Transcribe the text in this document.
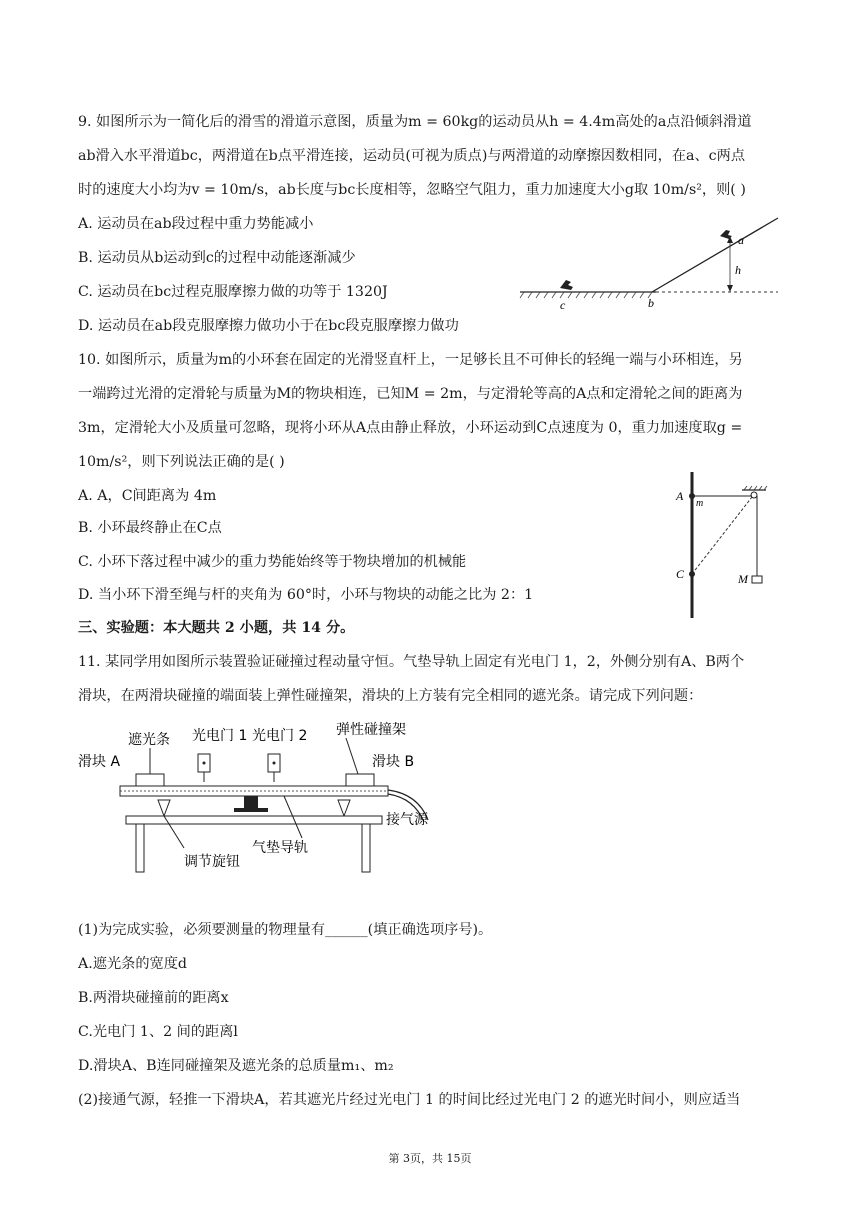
9. 如图所示为一简化后的滑雪的滑道示意图，质量为m = 60kg的运动员从h = 4.4m高处的a点沿倾斜滑道
ab滑入水平滑道bc，两滑道在b点平滑连接，运动员(可视为质点)与两滑道的动摩擦因数相同，在a、c两点
时的速度大小均为v = 10m/s，ab长度与bc长度相等，忽略空气阻力，重力加速度大小g取 10m/s²，则( )
A. 运动员在ab段过程中重力势能减小
B. 运动员从b运动到c的过程中动能逐渐减少
C. 运动员在bc过程克服摩擦力做的功等于 1320J
D. 运动员在ab段克服摩擦力做功小于在bc段克服摩擦力做功
a
h
b
c
10. 如图所示，质量为m的小环套在固定的光滑竖直杆上，一足够长且不可伸长的轻绳一端与小环相连，另
一端跨过光滑的定滑轮与质量为M的物块相连，已知M = 2m，与定滑轮等高的A点和定滑轮之间的距离为
3m，定滑轮大小及质量可忽略，现将小环从A点由静止释放，小环运动到C点速度为 0，重力加速度取g =
10m/s²，则下列说法正确的是( )
A. A，C间距离为 4m
B. 小环最终静止在C点
C. 小环下落过程中减少的重力势能始终等于物块增加的机械能
D. 当小环下滑至绳与杆的夹角为 60°时，小环与物块的动能之比为 2：1
A
m
C	M
三、实验题：本大题共 2 小题，共 14 分。
11. 某同学用如图所示装置验证碰撞过程动量守恒。气垫导轨上固定有光电门 1，2，外侧分别有A、B两个
滑块，在两滑块碰撞的端面装上弹性碰撞架，滑块的上方装有完全相同的遮光条。请完成下列问题：
遮光条 光电门 1 光电门 2 弹性碰撞架
滑块 A	滑块 B
接气源
调节旋钮
气垫导轨
(1)为完成实验，必须要测量的物理量有______(填正确选项序号)。
A.遮光条的宽度d
B.两滑块碰撞前的距离x
C.光电门 1、2 间的距离l
D.滑块A、B连同碰撞架及遮光条的总质量m₁、m₂
(2)接通气源，轻推一下滑块A，若其遮光片经过光电门 1 的时间比经过光电门 2 的遮光时间小，则应适当
第 3页，共 15页
